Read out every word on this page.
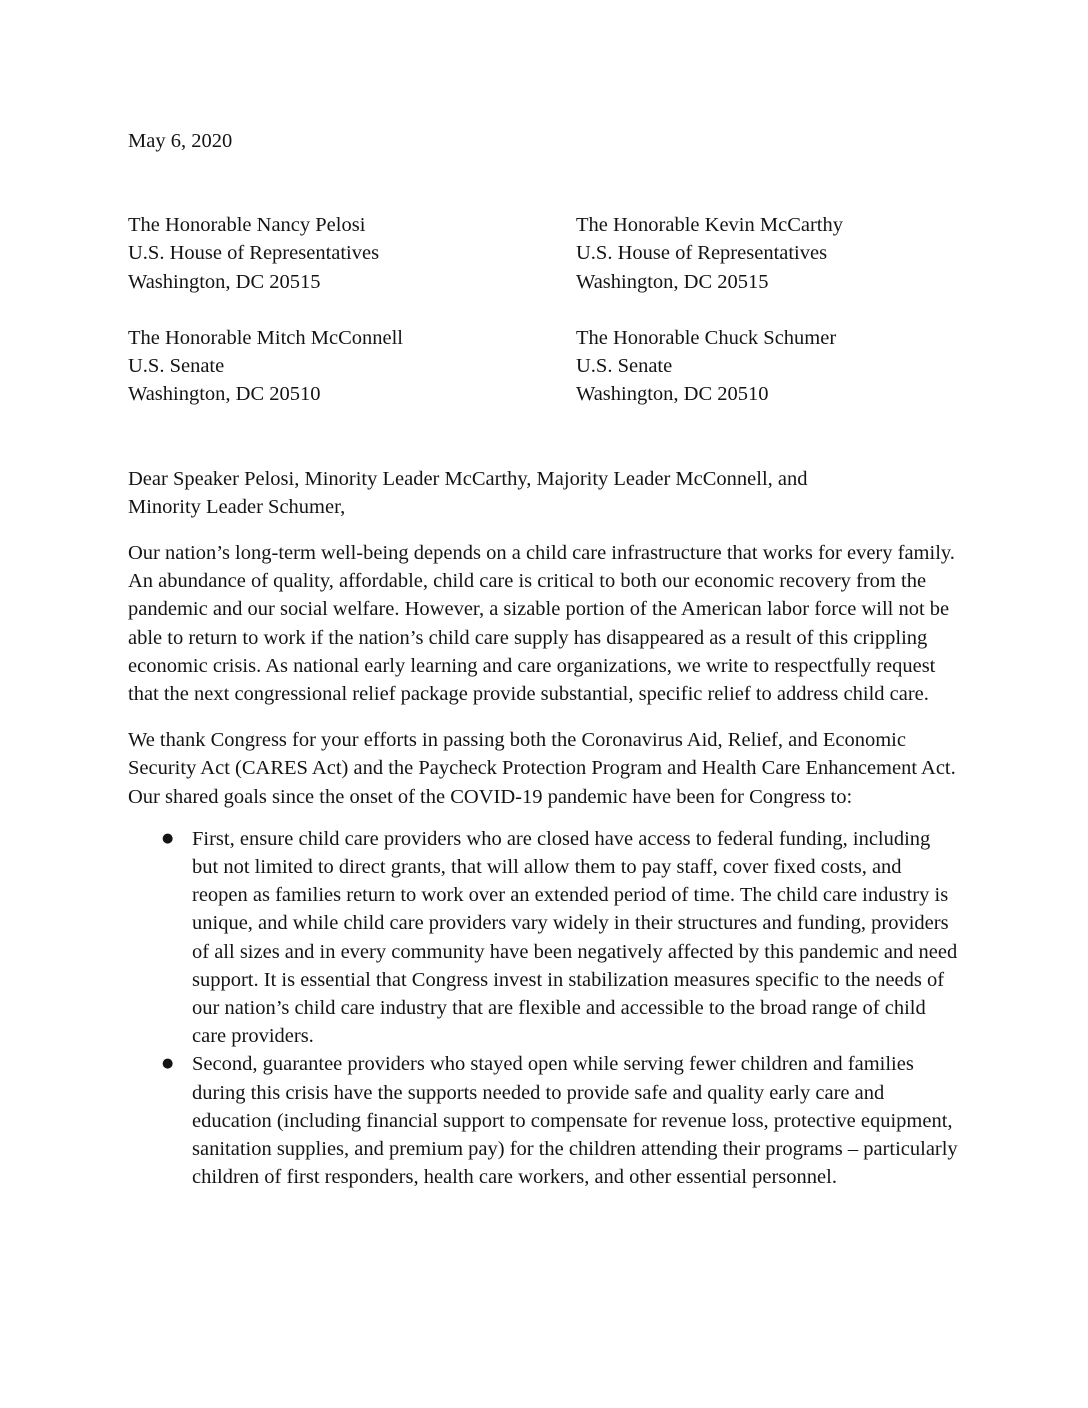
May 6, 2020

The Honorable Nancy Pelosi
U.S. House of Representatives
Washington, DC 20515
The Honorable Mitch McConnell
U.S. Senate
Washington, DC 20510
The Honorable Kevin McCarthy
U.S. House of Representatives
Washington, DC 20515
The Honorable Chuck Schumer
U.S. Senate
Washington, DC 20510
Dear Speaker Pelosi, Minority Leader McCarthy, Majority Leader McConnell, and
Minority Leader Schumer,

Our nation’s long-term well-being depends on a child care infrastructure that works for every family. An abundance of quality, affordable, child care is critical to both our economic recovery from the pandemic and our social welfare. However, a sizable portion of the American labor force will not be able to return to work if the nation’s child care supply has disappeared as a result of this crippling economic crisis. As national early learning and care organizations, we write to respectfully request that the next congressional relief package provide substantial, specific relief to address child care.

We thank Congress for your efforts in passing both the Coronavirus Aid, Relief, and Economic Security Act (CARES Act) and the Paycheck Protection Program and Health Care Enhancement Act. Our shared goals since the onset of the COVID-19 pandemic have been for Congress to:

● First, ensure child care providers who are closed have access to federal funding, including but not limited to direct grants, that will allow them to pay staff, cover fixed costs, and reopen as families return to work over an extended period of time. The child care industry is unique, and while child care providers vary widely in their structures and funding, providers of all sizes and in every community have been negatively affected by this pandemic and need support. It is essential that Congress invest in stabilization measures specific to the needs of our nation’s child care industry that are flexible and accessible to the broad range of child care providers.
● Second, guarantee providers who stayed open while serving fewer children and families during this crisis have the supports needed to provide safe and quality early care and education (including financial support to compensate for revenue loss, protective equipment, sanitation supplies, and premium pay) for the children attending their programs – particularly children of first responders, health care workers, and other essential personnel.
